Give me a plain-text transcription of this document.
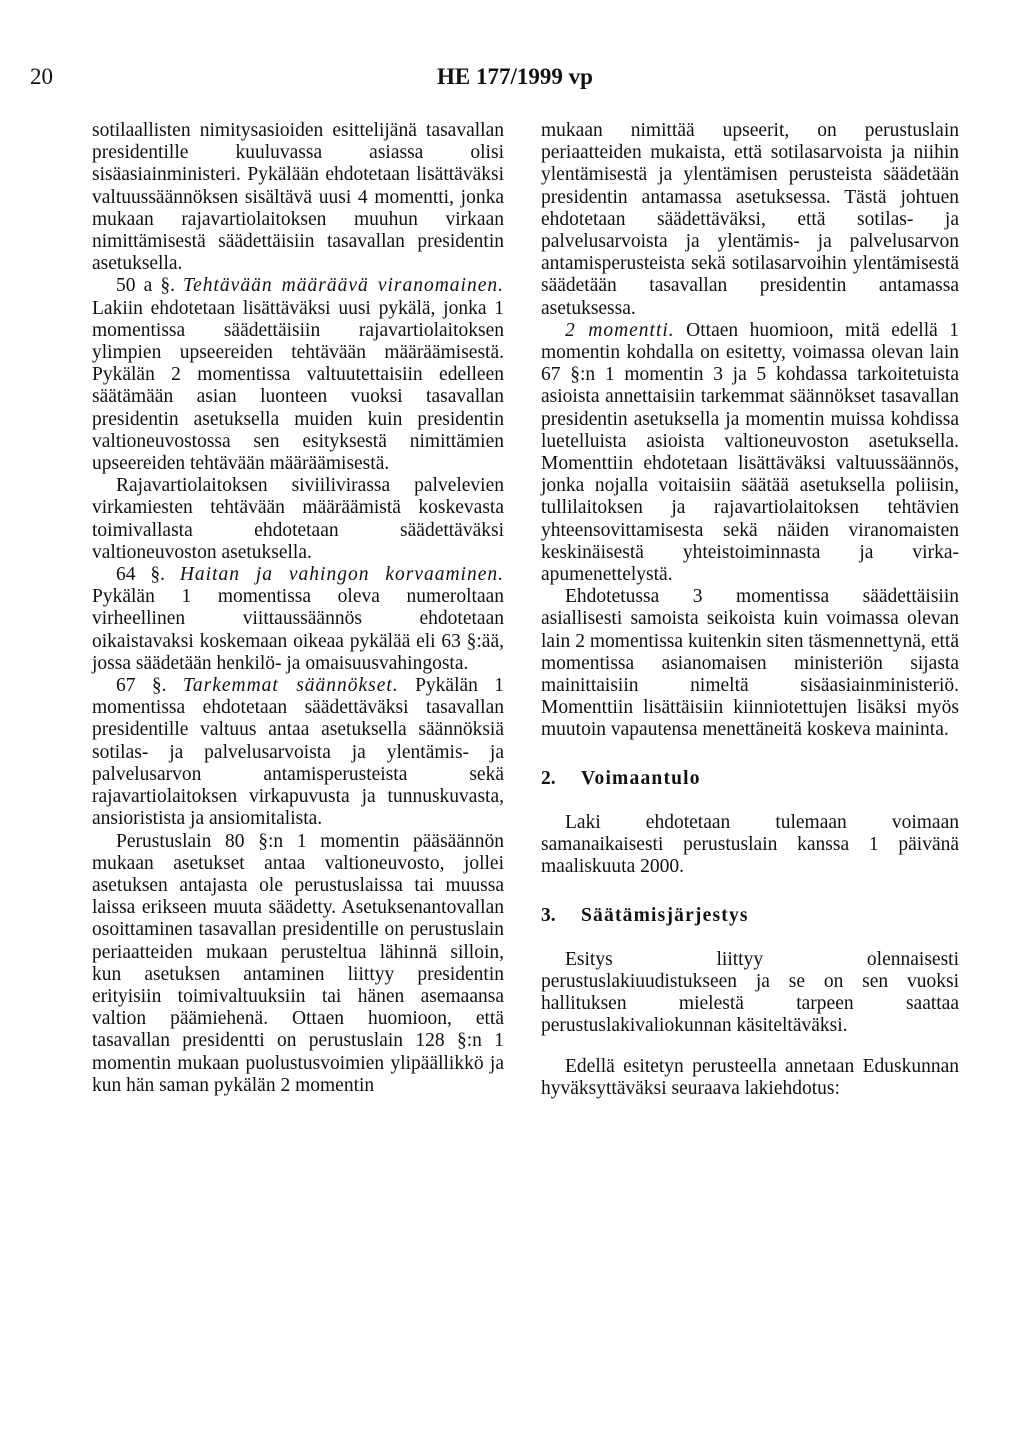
20	HE 177/1999 vp

sotilaallisten nimitysasioiden esittelijänä tasavallan presidentille kuuluvassa asiassa olisi sisäasiainministeri. Pykälään ehdotetaan lisättäväksi valtuussäännöksen sisältävä uusi 4 momentti, jonka mukaan rajavartiolaitoksen muuhun virkaan nimittämisestä säädettäisiin tasavallan presidentin asetuksella.

50 a §. Tehtävään määräävä viranomainen. Lakiin ehdotetaan lisättäväksi uusi pykälä, jonka 1 momentissa säädettäisiin rajavartiolaitoksen ylimpien upseereiden tehtävään määräämisestä. Pykälän 2 momentissa valtuutettaisiin edelleen säätämään asian luonteen vuoksi tasavallan presidentin asetuksella muiden kuin presidentin valtioneuvostossa sen esityksestä nimittämien upseereiden tehtävään määräämisestä.

Rajavartiolaitoksen siviilivirassa palvelevien virkamiesten tehtävään määräämistä koskevasta toimivallasta ehdotetaan säädettäväksi valtioneuvoston asetuksella.

64 §. Haitan ja vahingon korvaaminen. Pykälän 1 momentissa oleva numeroltaan virheellinen viittaussäännös ehdotetaan oikaistavaksi koskemaan oikeaa pykälää eli 63 §:ää, jossa säädetään henkilö- ja omaisuusvahingosta.

67 §. Tarkemmat säännökset. Pykälän 1 momentissa ehdotetaan säädettäväksi tasavallan presidentille valtuus antaa asetuksella säännöksiä sotilas- ja palvelusarvoista ja ylentämis- ja palvelusarvon antamisperusteista sekä rajavartiolaitoksen virkapuvusta ja tunnuskuvasta, ansioristista ja ansiomitalista.

Perustuslain 80 §:n 1 momentin pääsäännön mukaan asetukset antaa valtioneuvosto, jollei asetuksen antajasta ole perustuslaissa tai muussa laissa erikseen muuta säädetty. Asetuksenantovallan osoittaminen tasavallan presidentille on perustuslain periaatteiden mukaan perusteltua lähinnä silloin, kun asetuksen antaminen liittyy presidentin erityisiin toimivaltuuksiin tai hänen asemaansa valtion päämiehenä. Ottaen huomioon, että tasavallan presidentti on perustuslain 128 §:n 1 momentin mukaan puolustusvoimien ylipäällikkö ja kun hän saman pykälän 2 momentin

mukaan nimittää upseerit, on perustuslain periaatteiden mukaista, että sotilasarvoista ja niihin ylentämisestä ja ylentämisen perusteista säädetään presidentin antamassa asetuksessa. Tästä johtuen ehdotetaan säädettäväksi, että sotilas- ja palvelusarvoista ja ylentämis- ja palvelusarvon antamisperusteista sekä sotilasarvoihin ylentämisestä säädetään tasavallan presidentin antamassa asetuksessa.

2 momentti. Ottaen huomioon, mitä edellä 1 momentin kohdalla on esitetty, voimassa olevan lain 67 §:n 1 momentin 3 ja 5 kohdassa tarkoitetuista asioista annettaisiin tarkemmat säännökset tasavallan presidentin asetuksella ja momentin muissa kohdissa luetelluista asioista valtioneuvoston asetuksella. Momenttiin ehdotetaan lisättäväksi valtuussäännös, jonka nojalla voitaisiin säätää asetuksella poliisin, tullilaitoksen ja rajavartiolaitoksen tehtävien yhteensovittamisesta sekä näiden viranomaisten keskinäisestä yhteistoiminnasta ja virka-apumenettelystä.

Ehdotetussa 3 momentissa säädettäisiin asiallisesti samoista seikoista kuin voimassa olevan lain 2 momentissa kuitenkin siten täsmennettynä, että momentissa asianomaisen ministeriön sijasta mainittaisiin nimeltä sisäasiainministeriö. Momenttiin lisättäisiin kiinniotettujen lisäksi myös muutoin vapautensa menettäneitä koskeva maininta.

2. Voimaantulo

Laki ehdotetaan tulemaan voimaan samanaikaisesti perustuslain kanssa 1 päivänä maaliskuuta 2000.

3. Säätämisjärjestys

Esitys liittyy olennaisesti perustuslakiuudistukseen ja se on sen vuoksi hallituksen mielestä tarpeen saattaa perustuslakivaliokunnan käsiteltäväksi.

Edellä esitetyn perusteella annetaan Eduskunnan hyväksyttäväksi seuraava lakiehdotus:
